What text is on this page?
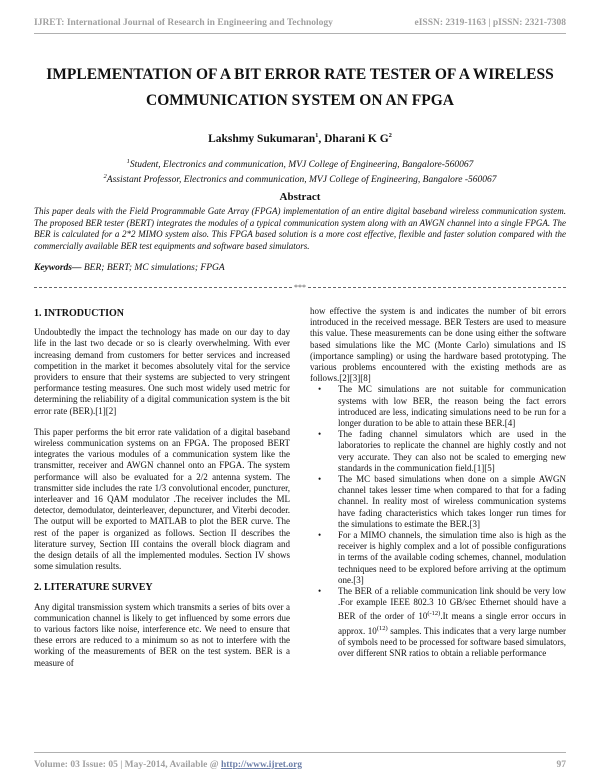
IJRET: International Journal of Research in Engineering and Technology	eISSN: 2319-1163 | pISSN: 2321-7308
IMPLEMENTATION OF A BIT ERROR RATE TESTER OF A WIRELESS COMMUNICATION SYSTEM ON AN FPGA
Lakshmy Sukumaran$^1$, Dharani K $G^2$
$^1$Student, Electronics and communication, MVJ College of Engineering, Bangalore-560067
$^2$Assistant Professor, Electronics and communication, MVJ College of Engineering, Bangalore -560067
Abstract
This paper deals with the Field Programmable Gate Array (FPGA) implementation of an entire digital baseband wireless communication system. The proposed BER tester (BERT) integrates the modules of a typical communication system along with an AWGN channel into a single FPGA. The BER is calculated for a 2*2 MIMO system also. This FPGA based solution is a more cost effective, flexible and faster solution compared with the commercially available BER test equipments and software based simulators.
Keywords— BER; BERT; MC simulations; FPGA
***
1. INTRODUCTION

Undoubtedly the impact the technology has made on our day to day life in the last two decade or so is clearly overwhelming. With ever increasing demand from customers for better services and increased competition in the market it becomes absolutely vital for the service providers to ensure that their systems are subjected to very stringent performance testing measures. One such most widely used metric for determining the reliability of a digital communication system is the bit error rate (BER).[1][2]

This paper performs the bit error rate validation of a digital baseband wireless communication systems on an FPGA. The proposed BERT integrates the various modules of a communication system like the transmitter, receiver and AWGN channel onto an FPGA. The system performance will also be evaluated for a 2/2 antenna system. The transmitter side includes the rate 1/3 convolutional encoder, puncturer, interleaver and 16 QAM modulator .The receiver includes the ML detector, demodulator, deinterleaver, depuncturer, and Viterbi decoder. The output will be exported to MATLAB to plot the BER curve. The rest of the paper is organized as follows. Section II describes the literature survey, Section III contains the overall block diagram and the design details of all the implemented modules. Section IV shows some simulation results.

2. LITERATURE SURVEY

Any digital transmission system which transmits a series of bits over a communication channel is likely to get influenced by some errors due to various factors like noise, interference etc. We need to ensure that these errors are reduced to a minimum so as not to interfere with the working of the measurements of BER on the test system. BER is a measure of

how effective the system is and indicates the number of bit errors introduced in the received message. BER Testers are used to measure this value. These measurements can be done using either the software based simulations like the MC (Monte Carlo) simulations and IS (importance sampling) or using the hardware based prototyping. The various problems encountered with the existing methods are as follows.[2][3][8]

• The MC simulations are not suitable for communication systems with low BER, the reason being the fact errors introduced are less, indicating simulations need to be run for a longer duration to be able to attain these BER.[4]
• The fading channel simulators which are used in the laboratories to replicate the channel are highly costly and not very accurate. They can also not be scaled to emerging new standards in the communication field.[1][5]
• The MC based simulations when done on a simple AWGN channel takes lesser time when compared to that for a fading channel. In reality most of wireless communication systems have fading characteristics which takes longer run times for the simulations to estimate the BER.[3]
• For a MIMO channels, the simulation time also is high as the receiver is highly complex and a lot of possible configurations in terms of the available coding schemes, channel, modulation techniques need to be explored before arriving at the optimum one.[3]
• The BER of a reliable communication link should be very low .For example IEEE 802.3 10 GB/sec Ethernet should have a BER of the order of $10^{(-12)}.It$ means a single error occurs in approx. 10$^{(12)}$ samples. This indicates that a very large number of symbols need to be processed for software based simulators, over different SNR ratios to obtain a reliable performance
Volume: 03 Issue: 05 | May-2014, Available @ http://www.ijret.org	97
